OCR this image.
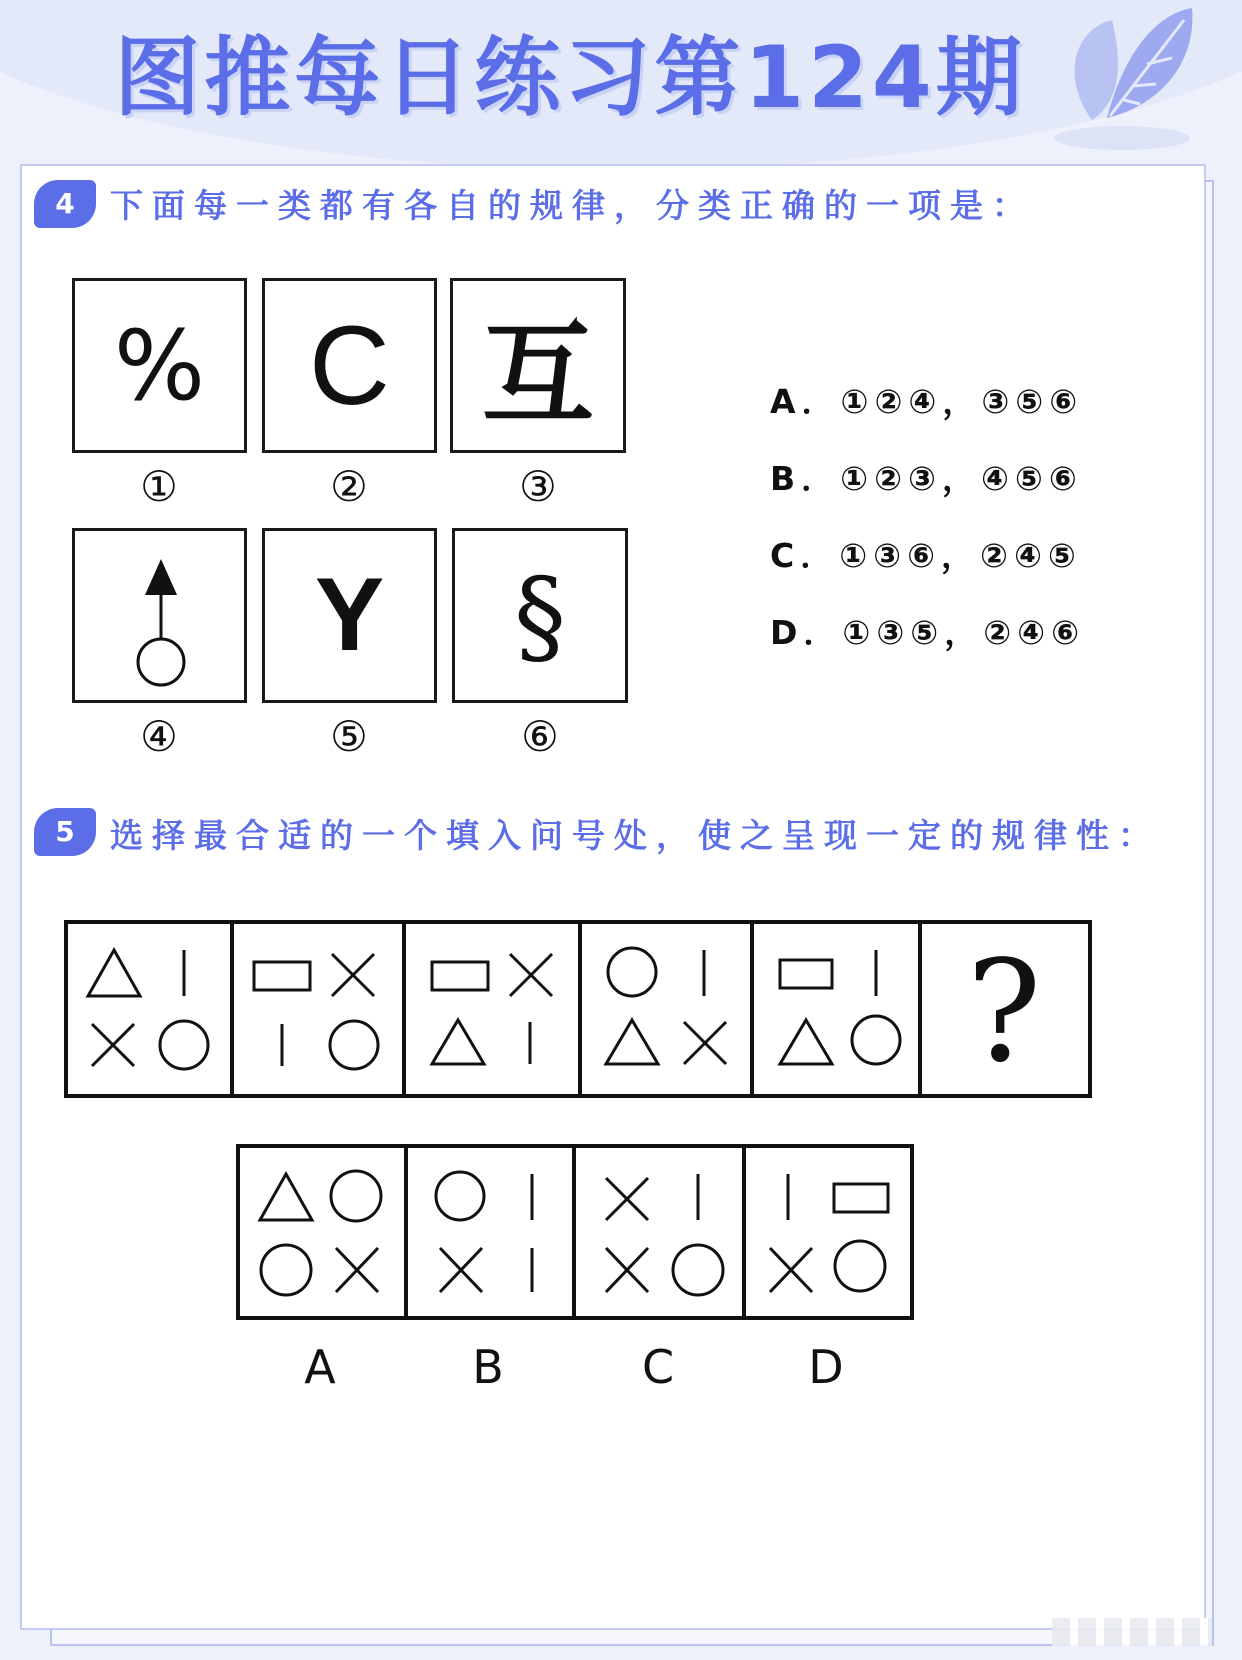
图推每日练习第124期
4	下面每一类都有各自的规律，分类正确的一项是：
%
①
C
②
互
③
④
Y
⑤
§
⑥
A．①②④，③⑤⑥
B．①②③，④⑤⑥
C．①③⑥，②④⑤
D．①③⑤，②④⑥
5	选择最合适的一个填入问号处，使之呈现一定的规律性：
?
A	B	C	D
